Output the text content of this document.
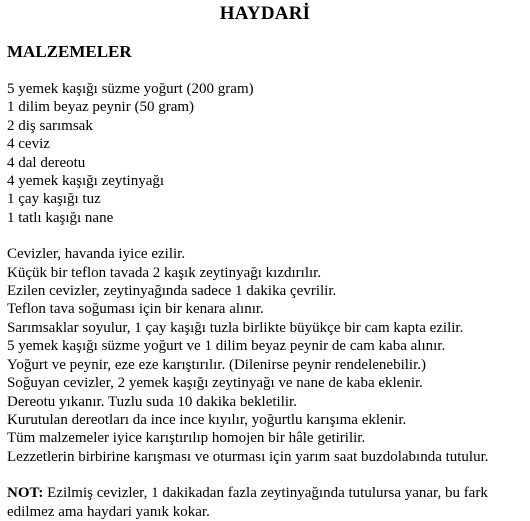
HAYDARİ
MALZEMELER
5 yemek kaşığı süzme yoğurt (200 gram)
1 dilim beyaz peynir (50 gram)
2 diş sarımsak
4 ceviz
4 dal dereotu
4 yemek kaşığı zeytinyağı
1 çay kaşığı tuz
1 tatlı kaşığı nane
Cevizler, havanda iyice ezilir.
Küçük bir teflon tavada 2 kaşık zeytinyağı kızdırılır.
Ezilen cevizler, zeytinyağında sadece 1 dakika çevrilir.
Teflon tava soğuması için bir kenara alınır.
Sarımsaklar soyulur, 1 çay kaşığı tuzla birlikte büyükçe bir cam kapta ezilir.
5 yemek kaşığı süzme yoğurt ve 1 dilim beyaz peynir de cam kaba alınır.
Yoğurt ve peynir, eze eze karıştırılır. (Dilenirse peynir rendelenebilir.)
Soğuyan cevizler, 2 yemek kaşığı zeytinyağı ve nane de kaba eklenir.
Dereotu yıkanır. Tuzlu suda 10 dakika bekletilir.
Kurutulan dereotları da ince ince kıyılır, yoğurtlu karışıma eklenir.
Tüm malzemeler iyice karıştırılıp homojen bir hâle getirilir.
Lezzetlerin birbirine karışması ve oturması için yarım saat buzdolabında tutulur.

NOT: Ezilmiş cevizler, 1 dakikadan fazla zeytinyağında tutulursa yanar, bu fark edilmez ama haydari yanık kokar.
